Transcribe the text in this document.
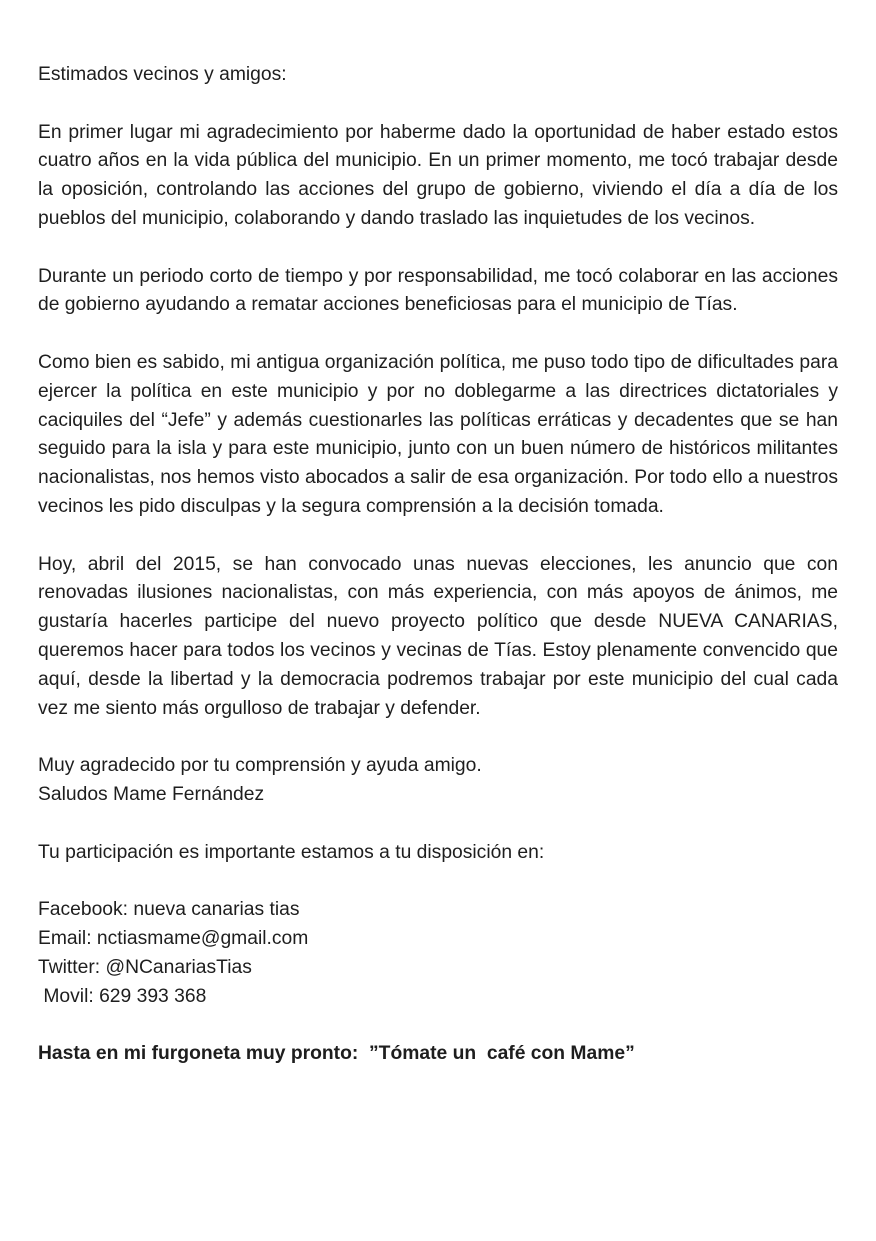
Estimados vecinos y amigos:

En primer lugar mi agradecimiento por haberme dado la oportunidad de haber estado estos cuatro años en la vida pública del municipio. En un primer momento, me tocó trabajar desde la oposición, controlando las acciones del grupo de gobierno, viviendo el día a día de los pueblos del municipio, colaborando y dando traslado las inquietudes de los vecinos.

Durante un periodo corto de tiempo y por responsabilidad, me tocó colaborar en las acciones de gobierno ayudando a rematar acciones beneficiosas para el municipio de Tías.

Como bien es sabido, mi antigua organización política, me puso todo tipo de dificultades para ejercer la política en este municipio y por no doblegarme a las directrices dictatoriales y caciquiles del “Jefe” y además cuestionarles las políticas erráticas y decadentes que se han seguido para la isla y para este municipio, junto con un buen número de históricos militantes nacionalistas, nos hemos visto abocados a salir de esa organización. Por todo ello a nuestros vecinos les pido disculpas y la segura comprensión a la decisión tomada.

Hoy, abril del 2015, se han convocado unas nuevas elecciones, les anuncio que con renovadas ilusiones nacionalistas, con más experiencia, con más apoyos de ánimos, me gustaría hacerles participe del nuevo proyecto político que desde NUEVA CANARIAS, queremos hacer para todos los vecinos y vecinas de Tías. Estoy plenamente convencido que aquí, desde la libertad y la democracia podremos trabajar por este municipio del cual cada vez me siento más orgulloso de trabajar y defender.

Muy agradecido por tu comprensión y ayuda amigo.
Saludos Mame Fernández

Tu participación es importante estamos a tu disposición en:

Facebook: nueva canarias tias
Email: nctiasmame@gmail.com
Twitter: @NCanariasTias
Movil: 629 393 368

Hasta en mi furgoneta muy pronto:  ”Tómate un  café con Mame”
